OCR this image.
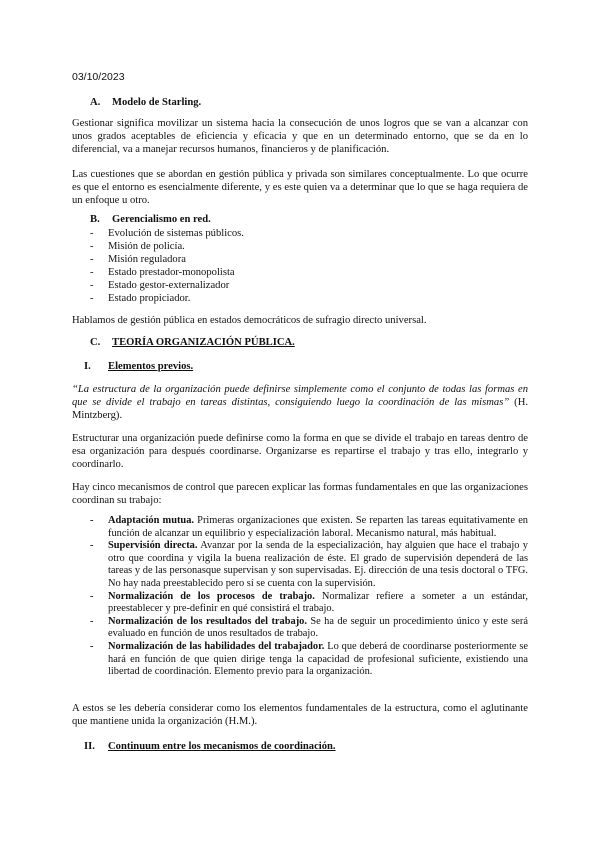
03/10/2023
A. Modelo de Starling.

Gestionar significa movilizar un sistema hacia la consecución de unos logros que se van a alcanzar con unos grados aceptables de eficiencia y eficacia y que en un determinado entorno, que se da en lo diferencial, va a manejar recursos humanos, financieros y de planificación.

Las cuestiones que se abordan en gestión pública y privada son similares conceptualmente. Lo que ocurre es que el entorno es esencialmente diferente, y es este quien va a determinar que lo que se haga requiera de un enfoque u otro.

B. Gerencialismo en red.
- Evolución de sistemas públicos.
- Misión de policía.
- Misión reguladora
- Estado prestador-monopolista
- Estado gestor-externalizador
- Estado propiciador.

Hablamos de gestión pública en estados democráticos de sufragio directo universal.

C. TEORÍA ORGANIZACIÓN PÚBLICA.
I. Elementos previos.

“La estructura de la organización puede definirse simplemente como el conjunto de todas las formas en que se divide el trabajo en tareas distintas, consiguiendo luego la coordinación de las mismas” (H. Mintzberg).

Estructurar una organización puede definirse como la forma en que se divide el trabajo en tareas dentro de esa organización para después coordinarse. Organizarse es repartirse el trabajo y tras ello, integrarlo y coordinarlo.

Hay cinco mecanismos de control que parecen explicar las formas fundamentales en que las organizaciones coordinan su trabajo:

- Adaptación mutua. Primeras organizaciones que existen. Se reparten las tareas equitativamente en función de alcanzar un equilibrio y especialización laboral. Mecanismo natural, más habitual.
- Supervisión directa. Avanzar por la senda de la especialización, hay alguien que hace el trabajo y otro que coordina y vigila la buena realización de éste. El grado de supervisión dependerá de las tareas y de las personasque supervisan y son supervisadas. Ej. dirección de una tesis doctoral o TFG. No hay nada preestablecido pero sí se cuenta con la supervisión.
- Normalización de los procesos de trabajo. Normalizar refiere a someter a un estándar, preestablecer y pre-definir en qué consistirá el trabajo.
- Normalización de los resultados del trabajo. Se ha de seguir un procedimiento único y este será evaluado en función de unos resultados de trabajo.
- Normalización de las habilidades del trabajador. Lo que deberá de coordinarse posteriormente se hará en función de que quien dirige tenga la capacidad de profesional suficiente, existiendo una libertad de coordinación. Elemento previo para la organización.

A estos se les debería considerar como los elementos fundamentales de la estructura, como el aglutinante que mantiene unida la organización (H.M.).

II. Continuum entre los mecanismos de coordinación.
